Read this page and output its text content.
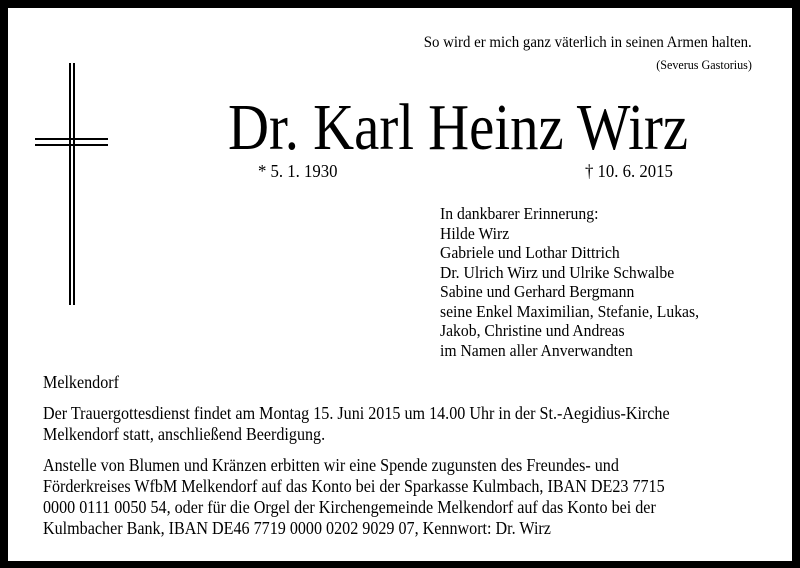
So wird er mich ganz väterlich in seinen Armen halten.
(Severus Gastorius)
Dr. Karl Heinz Wirz
* 5. 1. 1930	† 10. 6. 2015
In dankbarer Erinnerung:
Hilde Wirz
Gabriele und Lothar Dittrich
Dr. Ulrich Wirz und Ulrike Schwalbe
Sabine und Gerhard Bergmann
seine Enkel Maximilian, Stefanie, Lukas,
Jakob, Christine und Andreas
im Namen aller Anverwandten
Melkendorf
Der Trauergottesdienst findet am Montag 15. Juni 2015 um 14.00 Uhr in der St.-Aegidius-Kirche
Melkendorf statt, anschließend Beerdigung.
Anstelle von Blumen und Kränzen erbitten wir eine Spende zugunsten des Freundes- und
Förderkreises WfbM Melkendorf auf das Konto bei der Sparkasse Kulmbach, IBAN DE23 7715
0000 0111 0050 54, oder für die Orgel der Kirchengemeinde Melkendorf auf das Konto bei der
Kulmbacher Bank, IBAN DE46 7719 0000 0202 9029 07, Kennwort: Dr. Wirz
